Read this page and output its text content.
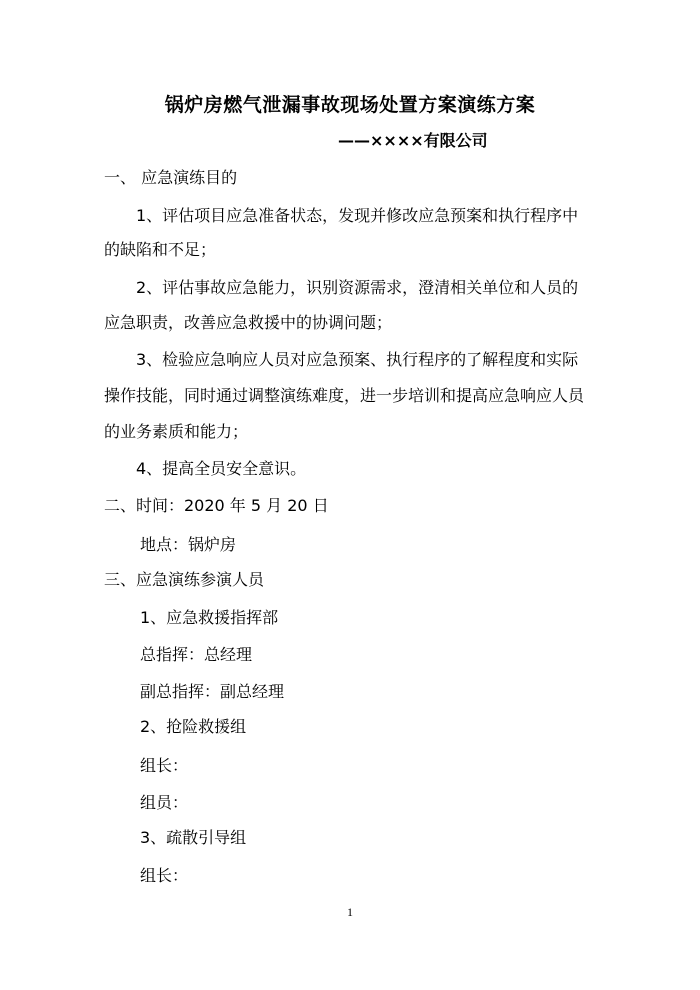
锅炉房燃气泄漏事故现场处置方案演练方案
——××××有限公司
一、 应急演练目的
1、评估项目应急准备状态，发现并修改应急预案和执行程序中
的缺陷和不足；
2、评估事故应急能力，识别资源需求，澄清相关单位和人员的
应急职责，改善应急救援中的协调问题；
3、检验应急响应人员对应急预案、执行程序的了解程度和实际
操作技能，同时通过调整演练难度，进一步培训和提高应急响应人员
的业务素质和能力；
4、提高全员安全意识。
二、时间：2020 年 5 月 20 日
地点：锅炉房
三、应急演练参演人员
1、应急救援指挥部
总指挥：总经理
副总指挥：副总经理
2、抢险救援组
组长：
组员：
3、疏散引导组
组长：
1
